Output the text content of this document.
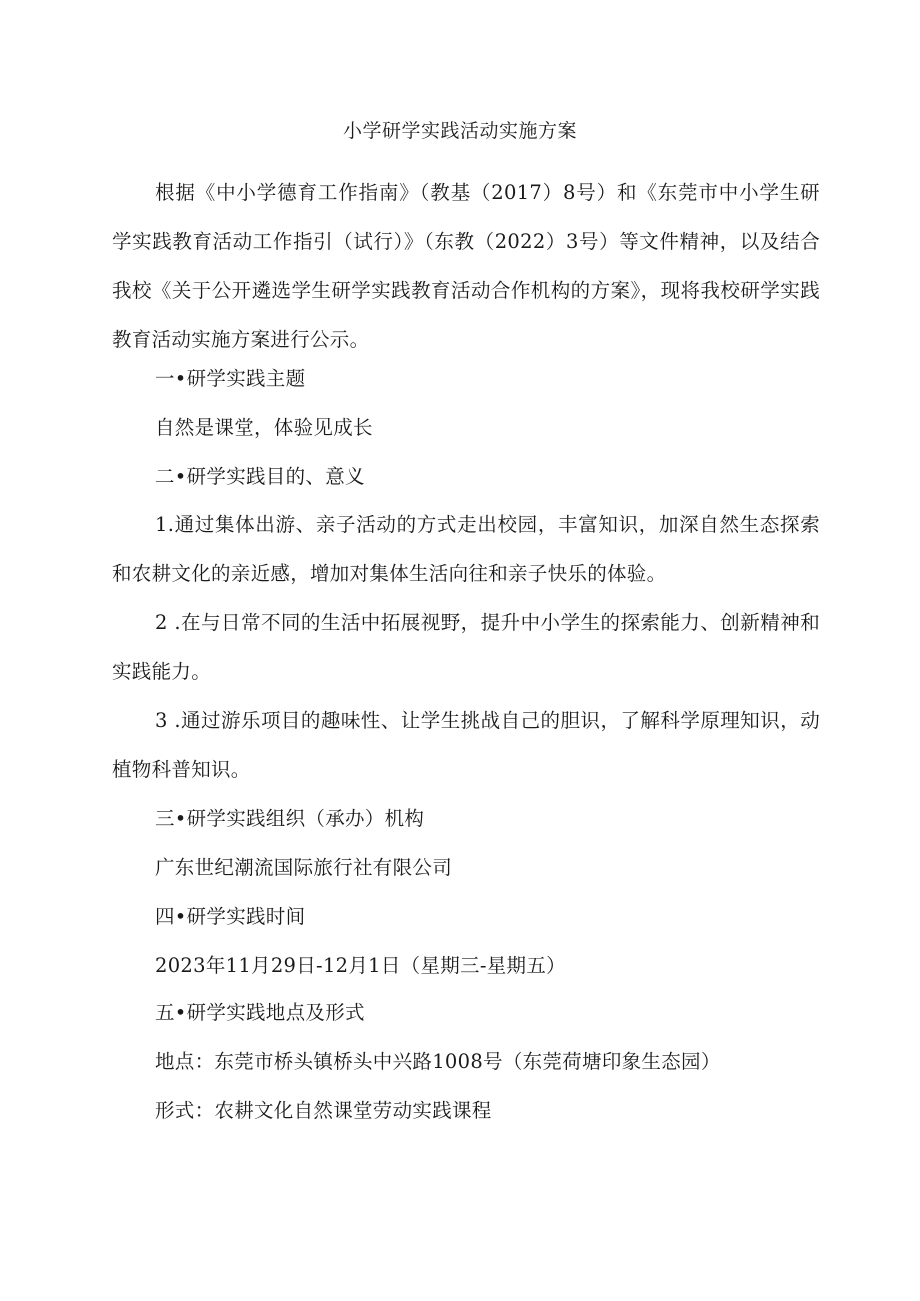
小学研学实践活动实施方案

根据《中小学德育工作指南》（教基（2017）8号）和《东莞市中小学生研学实践教育活动工作指引（试行）》（东教（2022）3号）等文件精神，以及结合我校《关于公开遴选学生研学实践教育活动合作机构的方案》，现将我校研学实践教育活动实施方案进行公示。

一•研学实践主题

自然是课堂，体验见成长

二•研学实践目的、意义

1.通过集体出游、亲子活动的方式走出校园，丰富知识，加深自然生态探索和农耕文化的亲近感，增加对集体生活向往和亲子快乐的体验。

2 .在与日常不同的生活中拓展视野，提升中小学生的探索能力、创新精神和实践能力。

3 .通过游乐项目的趣味性、让学生挑战自己的胆识，了解科学原理知识，动植物科普知识。

三•研学实践组织（承办）机构

广东世纪潮流国际旅行社有限公司

四•研学实践时间

2023年11月29日-12月1日（星期三-星期五）

五•研学实践地点及形式

地点：东莞市桥头镇桥头中兴路1008号（东莞荷塘印象生态园）

形式：农耕文化自然课堂劳动实践课程
